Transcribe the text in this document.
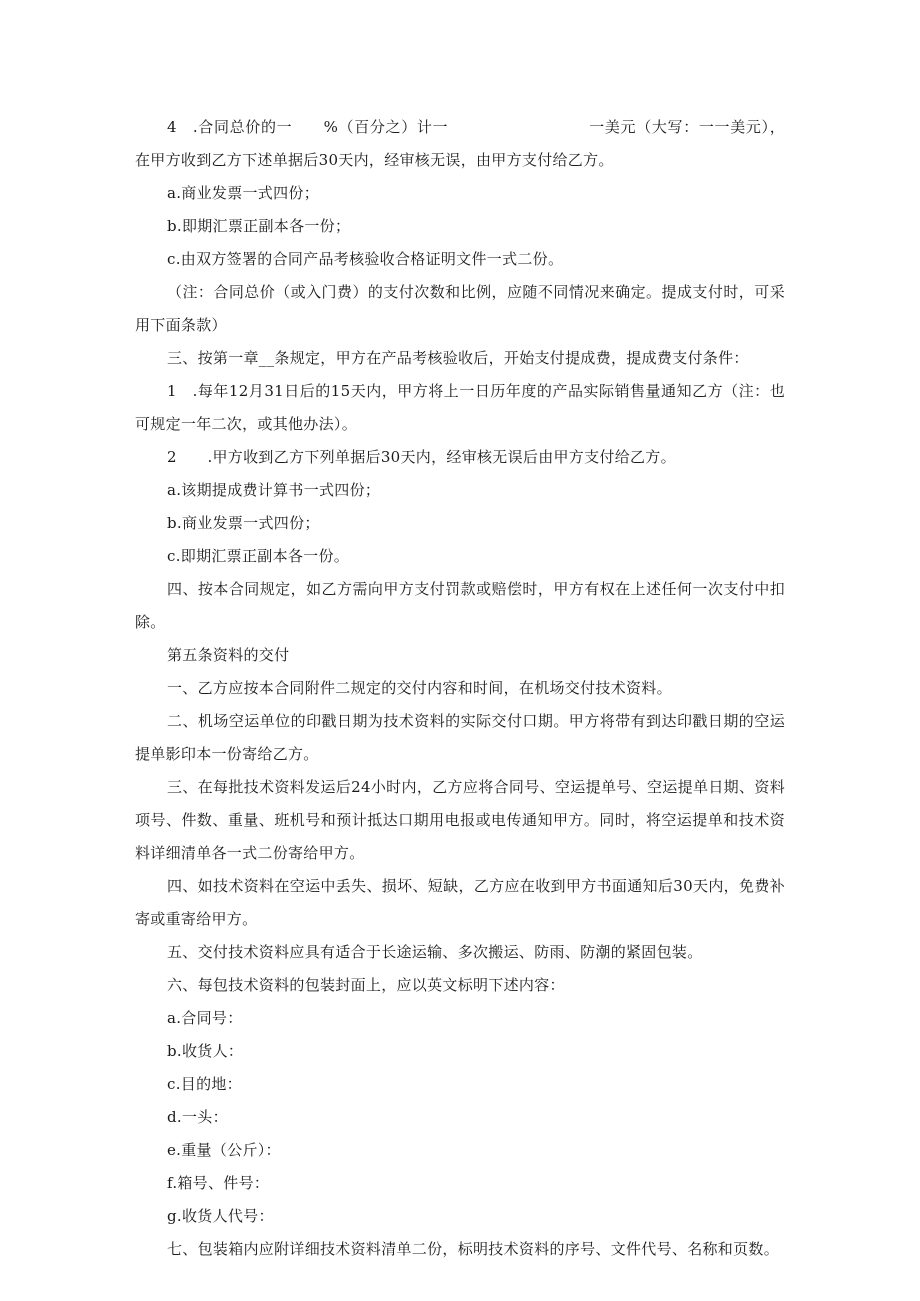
4　.合同总价的一　　%（百分之）计一　　　　　　　　　一美元（大写：一一美元），在甲方收到乙方下述单据后30天内，经审核无误，由甲方支付给乙方。

a.商业发票一式四份；

b.即期汇票正副本各一份；

c.由双方签署的合同产品考核验收合格证明文件一式二份。

（注：合同总价（或入门费）的支付次数和比例，应随不同情况来确定。提成支付时，可采用下面条款）

三、按第一章__条规定，甲方在产品考核验收后，开始支付提成费，提成费支付条件：

1　.每年12月31日后的15天内，甲方将上一日历年度的产品实际销售量通知乙方（注：也可规定一年二次，或其他办法）。

2　　.甲方收到乙方下列单据后30天内，经审核无误后由甲方支付给乙方。

a.该期提成费计算书一式四份；

b.商业发票一式四份；

c.即期汇票正副本各一份。

四、按本合同规定，如乙方需向甲方支付罚款或赔偿时，甲方有权在上述任何一次支付中扣除。

第五条资料的交付

一、乙方应按本合同附件二规定的交付内容和时间，在机场交付技术资料。

二、机场空运单位的印戳日期为技术资料的实际交付口期。甲方将带有到达印戳日期的空运提单影印本一份寄给乙方。

三、在每批技术资料发运后24小时内，乙方应将合同号、空运提单号、空运提单日期、资料项号、件数、重量、班机号和预计抵达口期用电报或电传通知甲方。同时，将空运提单和技术资料详细清单各一式二份寄给甲方。

四、如技术资料在空运中丢失、损坏、短缺，乙方应在收到甲方书面通知后30天内，免费补寄或重寄给甲方。

五、交付技术资料应具有适合于长途运输、多次搬运、防雨、防潮的紧固包装。

六、每包技术资料的包装封面上，应以英文标明下述内容：

a.合同号：

b.收货人：

c.目的地：

d.一头：

e.重量（公斤）：

f.箱号、件号：

g.收货人代号：

七、包装箱内应附详细技术资料清单二份，标明技术资料的序号、文件代号、名称和页数。
